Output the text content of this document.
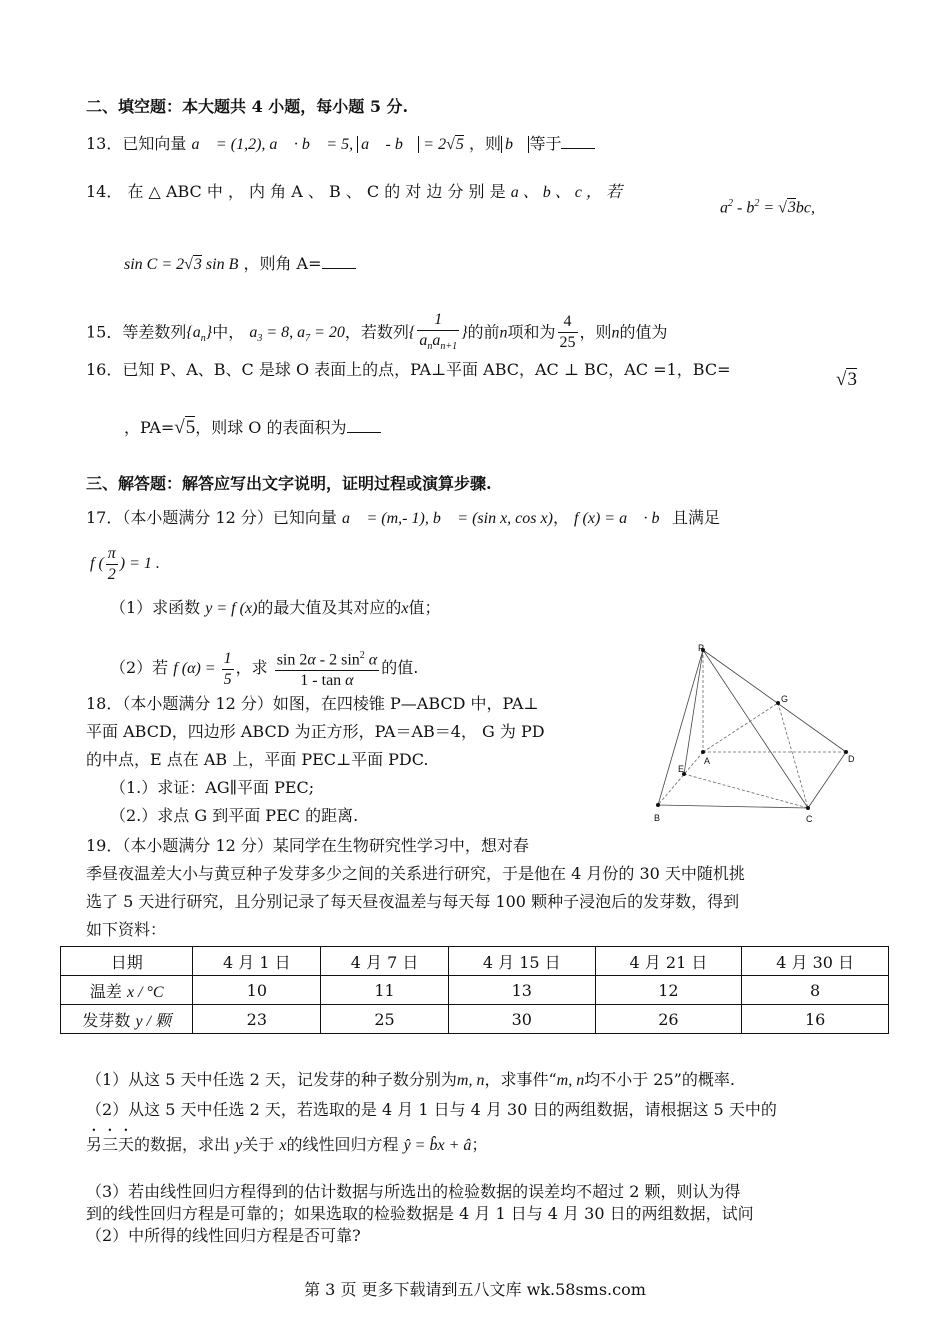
二、填空题：本大题共 4 小题，每小题 5 分.
13．已知向量 a⃗ = (1,2), a⃗ · b⃗ = 5, a⃗ - b⃗ = 2√5 ，则 b⃗ 等于
14． 在 △ ABC 中 ， 内 角 A 、 B 、 C 的 对 边 分 别 是 a 、 b 、 c ， 若
$a^2 - b^2 = √3bc$,
sin C = 2√3 sin B ，则角 A=
15．等差数列$\{a_n\}$中， $a_3 = 8$, $a_7 = 20$，若数列{ $\frac{1}{a_na_{n+1}}$ }的前n项和为 $\frac{4}{25}$ ，则n的值为
16．已知 P、A、B、C 是球 O 表面上的点，PA⊥平面 ABC，AC ⊥ BC，AC =1，BC=	√3
，PA=√5，则球 O 的表面积为
三、解答题：解答应写出文字说明，证明过程或演算步骤.
17．（本小题满分 12 分）已知向量 a⃗ = (m,- 1), b⃗ = (sin x, cos x)， f (x) = a⃗ · b⃗且满足
f ( $\frac{\pi}{2}$ ) = 1 .
（1）求函数 y = f (x)的最大值及其对应的x值；
（2）若 f $(\alpha) = \frac{1}{5}$ ，求 $\frac{\sin 2\alpha - 2 \sin^2 \alpha}{\text{1 - tan α}}$ 的值.
18．（本小题满分 12 分）如图，在四棱锥 P—ABCD 中，PA⊥
平面 ABCD，四边形 ABCD 为正方形，PA＝AB＝4， G 为 PD
的中点，E 点在 AB 上，平面 PEC⊥平面 PDC.
（1.）求证：AG∥平面 PEC;
（2.）求点 G 到平面 PEC 的距离.
P
G
A	D
E
B	C
19．（本小题满分 12 分）某同学在生物研究性学习中，想对春
季昼夜温差大小与黄豆种子发芽多少之间的关系进行研究，于是他在 4 月份的 30 天中随机挑
选了 5 天进行研究，且分别记录了每天昼夜温差与每天每 100 颗种子浸泡后的发芽数，得到
如下资料：
日期	4 月 1 日	4 月 7 日	4 月 15 日	4 月 21 日	4 月 30 日
温差 x / °C	10	11	13	12	8
发芽数 y / 颗	23	25	30	26	16
（1）从这 5 天中任选 2 天，记发芽的种子数分别为m, n，求事件“m, n均不小于 25”的概率.
（2）从这 5 天中任选 2 天，若选取的是 4 月 1 日与 4 月 30 日的两组数据，请根据这 5 天中的
另三天的数据，求出 y关于 x的线性回归方程 ŷ = b̂x + â；
（3）若由线性回归方程得到的估计数据与所选出的检验数据的误差均不超过 2 颗，则认为得
到的线性回归方程是可靠的；如果选取的检验数据是 4 月 1 日与 4 月 30 日的两组数据，试问
（2）中所得的线性回归方程是否可靠?
第 3 页 更多下载请到五八文库 wk.58sms.com
